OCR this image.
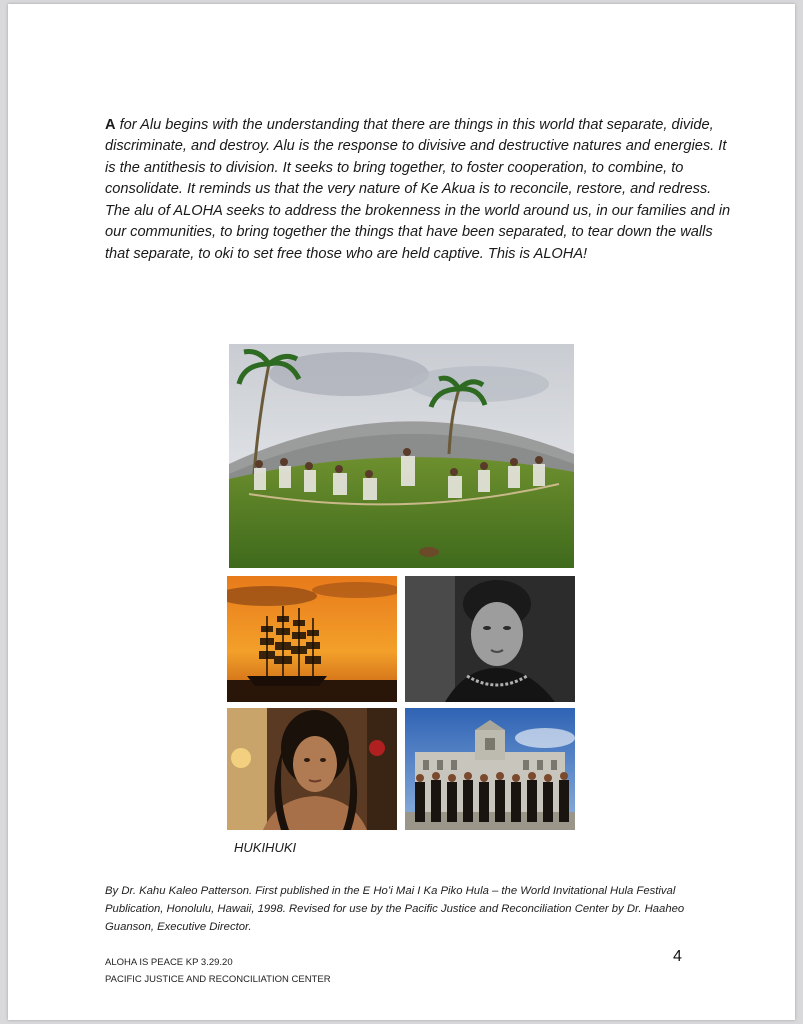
A for Alu begins with the understanding that there are things in this world that separate, divide, discriminate, and destroy. Alu is the response to divisive and destructive natures and energies. It is the antithesis to division. It seeks to bring together, to foster cooperation, to combine, to consolidate. It reminds us that the very nature of Ke Akua is to reconcile, restore, and redress. The alu of ALOHA seeks to address the brokenness in the world around us, in our families and in our communities, to bring together the things that have been separated, to tear down the walls that separate, to oki to set free those who are held captive. This is ALOHA!

HUKIHUKI
By Dr. Kahu Kaleo Patterson. First published in the E Hoʻi Mai I Ka Piko Hula – the World Invitational Hula Festival Publication, Honolulu, Hawaii, 1998. Revised for use by the Pacific Justice and Reconciliation Center by Dr. Haaheo Guanson, Executive Director.
ALOHA IS PEACE KP 3.29.20
PACIFIC JUSTICE AND RECONCILIATION CENTER
4
